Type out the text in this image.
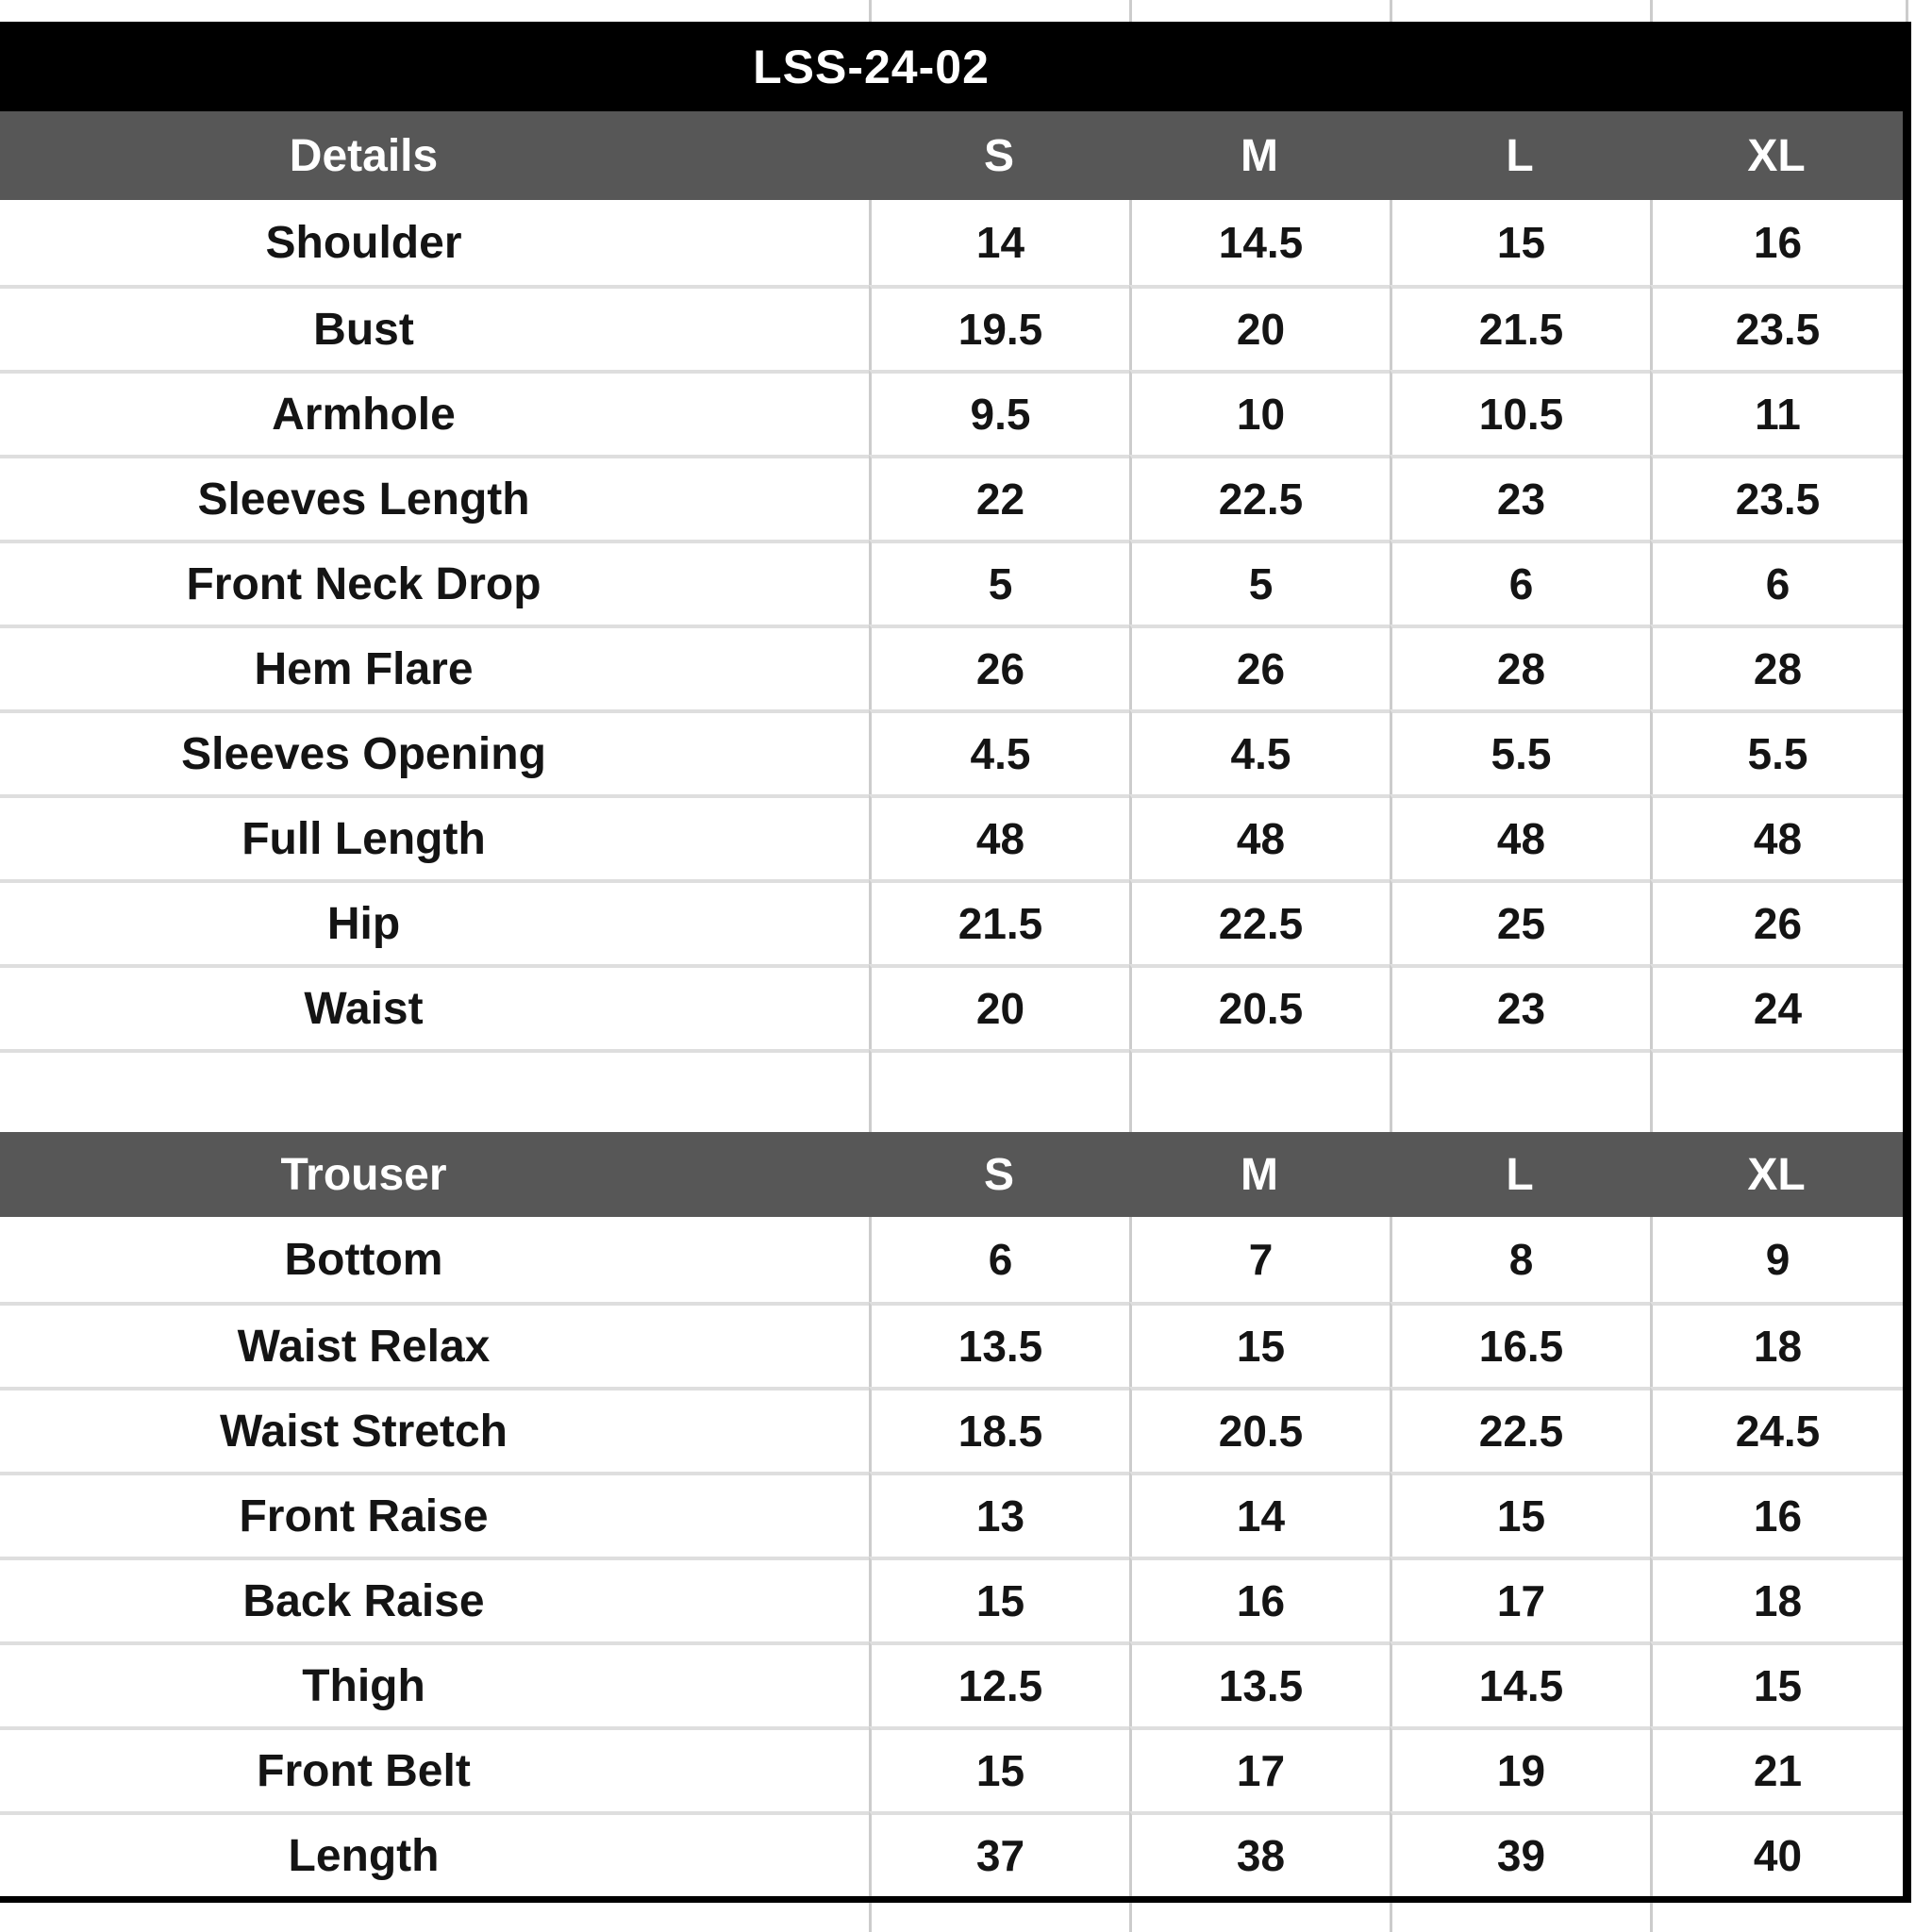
LSS-24-02
Details	S	M	L	XL
Shoulder	14	14.5	15	16
Bust	19.5	20	21.5	23.5
Armhole	9.5	10	10.5	11
Sleeves Length	22	22.5	23	23.5
Front Neck Drop	5	5	6	6
Hem Flare	26	26	28	28
Sleeves Opening	4.5	4.5	5.5	5.5
Full Length	48	48	48	48
Hip	21.5	22.5	25	26
Waist	20	20.5	23	24
Trouser	S	M	L	XL
Bottom	6	7	8	9
Waist Relax	13.5	15	16.5	18
Waist Stretch	18.5	20.5	22.5	24.5
Front Raise	13	14	15	16
Back Raise	15	16	17	18
Thigh	12.5	13.5	14.5	15
Front Belt	15	17	19	21
Length	37	38	39	40
